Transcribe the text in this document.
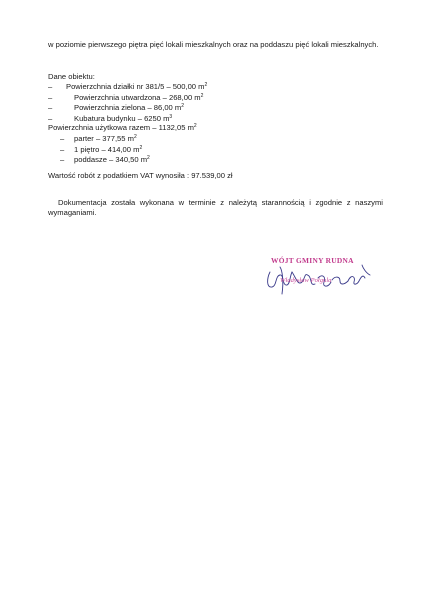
w poziomie pierwszego piętra pięć lokali mieszkalnych oraz na poddaszu pięć lokali mieszkalnych.
Dane obiektu:
– Powierzchnia działki nr 381/5 – 500,00 $m^2$
–	Powierzchnia utwardzona – 268,00 $m^2$
–	Powierzchnia zielona – 86,00 $m^2$
–	Kubatura budynku – 6250 $m^3$
Powierzchnia użytkowa razem – 1132,05 $m^2$
– parter – 377,55 $m^2$
– 1 piętro – 414,00 $m^2$
– poddasze – 340,50 $m^2$
Wartość robót z podatkiem VAT wynosiła : 97.539,00 zł

Dokumentacja została wykonana w terminie z należytą starannością i zgodnie z naszymi wymaganiami.

WÓJT GMINY RUDNA
Władysław Połgula
